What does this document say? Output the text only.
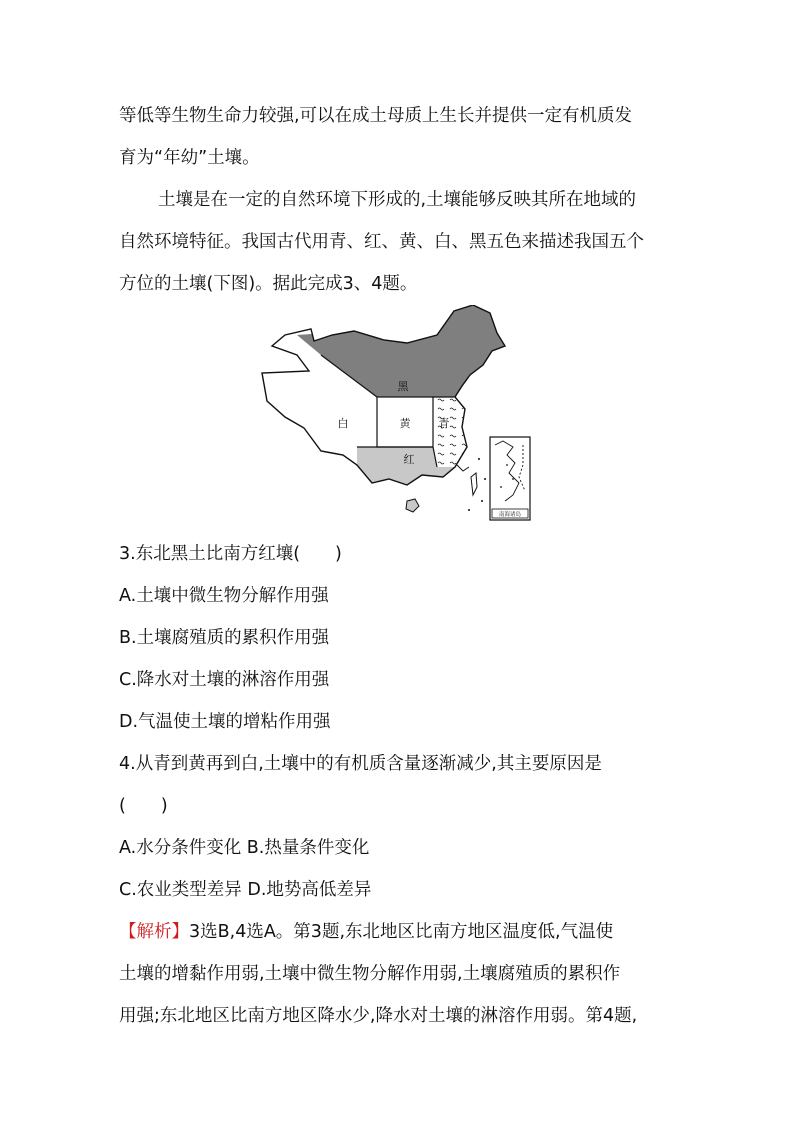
等低等生物生命力较强,可以在成土母质上生长并提供一定有机质发
育为“年幼”土壤。
土壤是在一定的自然环境下形成的,土壤能够反映其所在地域的
自然环境特征。我国古代用青、红、黄、白、黑五色来描述我国五个
方位的土壤(下图)。据此完成3、4题。
南海诸岛
黑
白	黄	青
红
3.东北黑土比南方红壤(　　)
A.土壤中微生物分解作用强
B.土壤腐殖质的累积作用强
C.降水对土壤的淋溶作用强
D.气温使土壤的增粘作用强
4.从青到黄再到白,土壤中的有机质含量逐渐减少,其主要原因是
(　　)
A.水分条件变化 B.热量条件变化
C.农业类型差异 D.地势高低差异
【解析】3选B,4选A。第3题,东北地区比南方地区温度低,气温使
土壤的增黏作用弱,土壤中微生物分解作用弱,土壤腐殖质的累积作
用强;东北地区比南方地区降水少,降水对土壤的淋溶作用弱。第4题,
